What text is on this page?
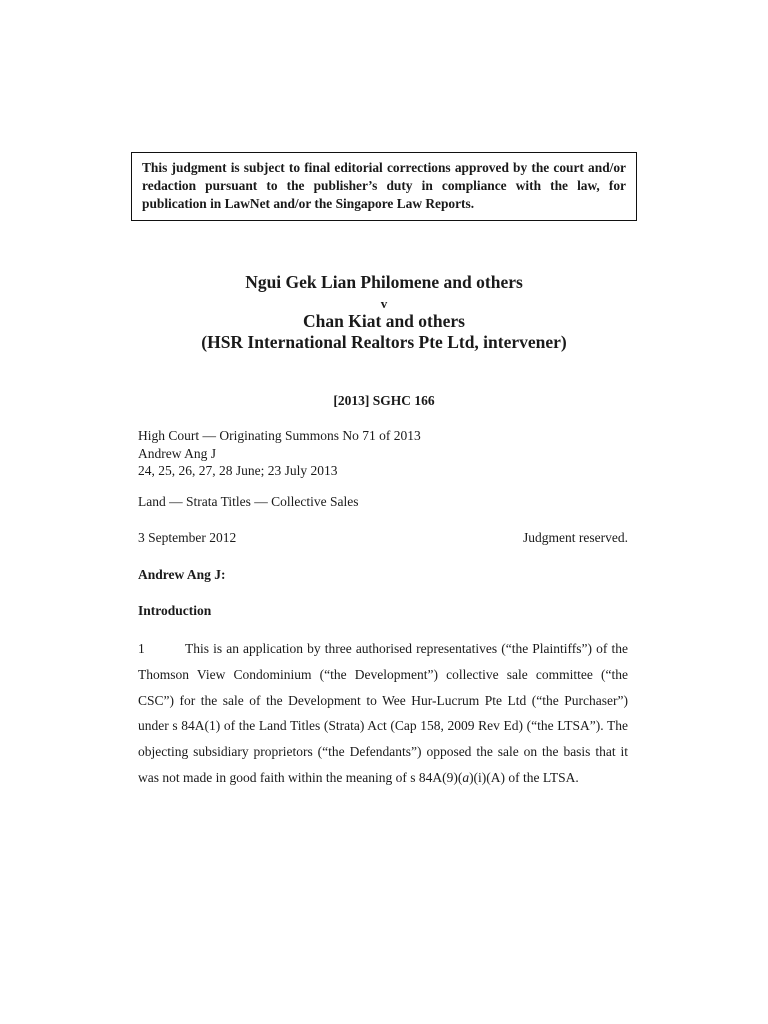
This judgment is subject to final editorial corrections approved by the court and/or redaction pursuant to the publisher’s duty in compliance with the law, for publication in LawNet and/or the Singapore Law Reports.
Ngui Gek Lian Philomene and others
v
Chan Kiat and others
(HSR International Realtors Pte Ltd, intervener)
[2013] SGHC 166
High Court — Originating Summons No 71 of 2013
Andrew Ang J
24, 25, 26, 27, 28 June; 23 July 2013
Land — Strata Titles — Collective Sales
3 September 2012	Judgment reserved.
Andrew Ang J:
Introduction
1	This is an application by three authorised representatives (“the Plaintiffs”) of the Thomson View Condominium (“the Development”) collective sale committee (“the CSC”) for the sale of the Development to Wee Hur-Lucrum Pte Ltd (“the Purchaser”) under s 84A(1) of the Land Titles (Strata) Act (Cap 158, 2009 Rev Ed) (“the LTSA”). The objecting subsidiary proprietors (“the Defendants”) opposed the sale on the basis that it was not made in good faith within the meaning of s 84A(9)(a)(i)(A) of the LTSA.
